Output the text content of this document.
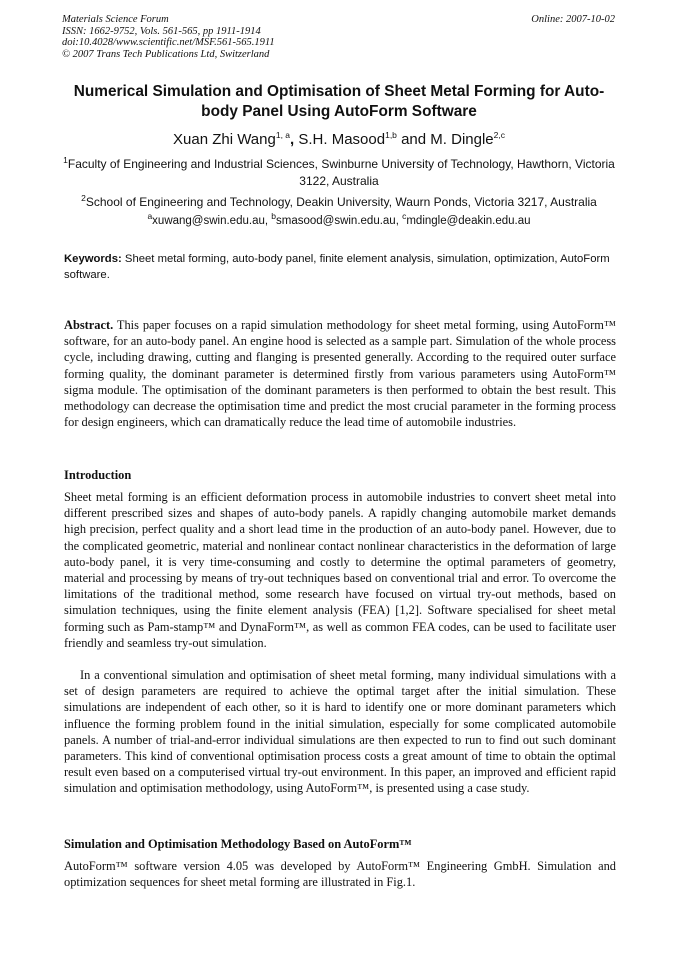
Materials Science Forum
ISSN: 1662-9752, Vols. 561-565, pp 1911-1914
doi:10.4028/www.scientific.net/MSF.561-565.1911
© 2007 Trans Tech Publications Ltd, Switzerland
Online: 2007-10-02
Numerical Simulation and Optimisation of Sheet Metal Forming for Auto-body Panel Using AutoForm Software
Xuan Zhi Wang$^{1, a}$, S.H. Masood$^{1,b}$ and M. Dingle$^{2,c}$
$^1$Faculty of Engineering and Industrial Sciences, Swinburne University of Technology, Hawthorn, Victoria 3122, Australia
$^2$School of Engineering and Technology, Deakin University, Waurn Ponds, Victoria 3217, Australia
$^a$xuwang@swin.edu.au, $^b$smasood@swin.edu.au, $^c$mdingle@deakin.edu.au
Keywords: Sheet metal forming, auto-body panel, finite element analysis, simulation, optimization, AutoForm software.

Abstract. This paper focuses on a rapid simulation methodology for sheet metal forming, using AutoForm™ software, for an auto-body panel. An engine hood is selected as a sample part. Simulation of the whole process cycle, including drawing, cutting and flanging is presented generally. According to the required outer surface forming quality, the dominant parameter is determined firstly from various parameters using AutoForm™ sigma module. The optimisation of the dominant parameters is then performed to obtain the best result. This methodology can decrease the optimisation time and predict the most crucial parameter in the forming process for design engineers, which can dramatically reduce the lead time of automobile industries.

Introduction

Sheet metal forming is an efficient deformation process in automobile industries to convert sheet metal into different prescribed sizes and shapes of auto-body panels. A rapidly changing automobile market demands high precision, perfect quality and a short lead time in the production of an auto-body panel. However, due to the complicated geometric, material and nonlinear contact nonlinear characteristics in the deformation of large auto-body panel, it is very time-consuming and costly to determine the optimal parameters of geometry, material and processing by means of try-out techniques based on conventional trial and error. To overcome the limitations of the traditional method, some research have focused on virtual try-out methods, based on simulation techniques, using the finite element analysis (FEA) [1,2]. Software specialised for sheet metal forming such as Pam-stamp™ and DynaForm™, as well as common FEA codes, can be used to facilitate user friendly and seamless try-out simulation.

In a conventional simulation and optimisation of sheet metal forming, many individual simulations with a set of design parameters are required to achieve the optimal target after the initial simulation. These simulations are independent of each other, so it is hard to identify one or more dominant parameters which influence the forming problem found in the initial simulation, especially for some complicated automobile panels. A number of trial-and-error individual simulations are then expected to run to find out such dominant parameters. This kind of conventional optimisation process costs a great amount of time to obtain the optimal result even based on a computerised virtual try-out environment. In this paper, an improved and efficient rapid simulation and optimisation methodology, using AutoForm™, is presented using a case study.

Simulation and Optimisation Methodology Based on AutoForm™

AutoForm™ software version 4.05 was developed by AutoForm™ Engineering GmbH. Simulation and optimization sequences for sheet metal forming are illustrated in Fig.1.
